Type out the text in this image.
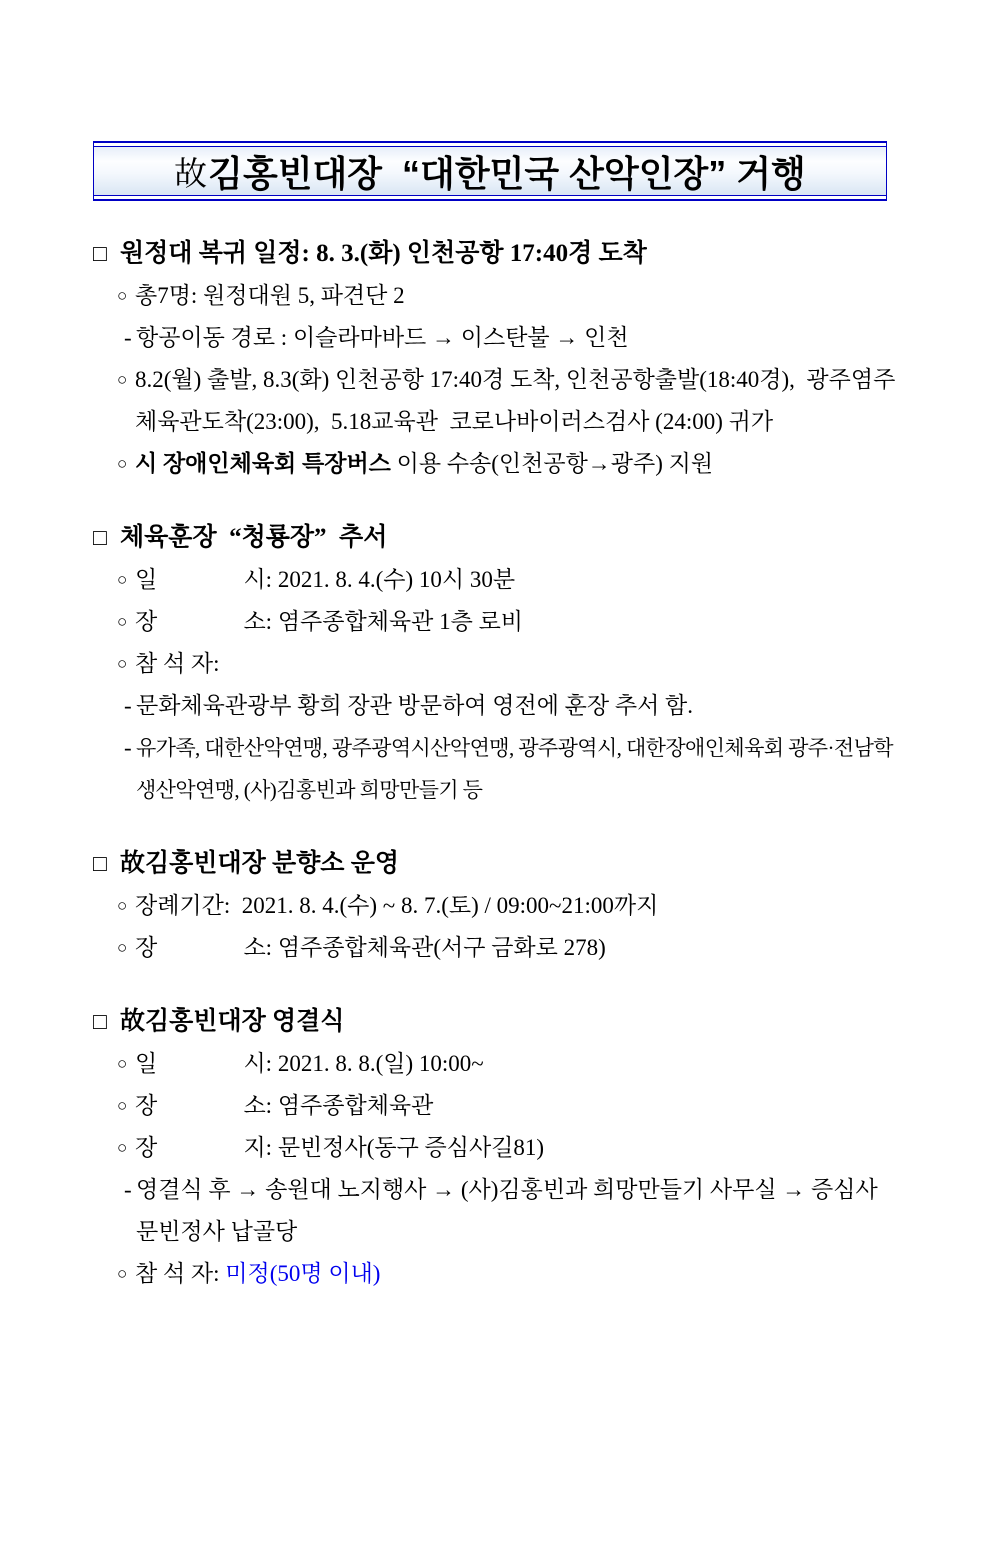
故 김홍빈대장  “대한민국 산악인장” 거행
□ 원정대 복귀 일정: 8. 3.(화) 인천공항 17:40경 도착
○ 총7명: 원정대원 5, 파견단 2
- 항공이동 경로 : 이슬라마바드 → 이스탄불 → 인천
○ 8.2(월) 출발, 8.3(화) 인천공항 17:40경 도착, 인천공항출발(18:40경),  광주염주체육관도착(23:00),  5.18교육관  코로나바이러스검사 (24:00) 귀가
○ 시 장애인체육회 특장버스 이용 수송(인천공항→광주) 지원
□ 체육훈장  “청룡장”  추서
○ 일               시: 2021. 8. 4.(수) 10시 30분
○ 장               소: 염주종합체육관 1층 로비
○ 참 석 자:
- 문화체육관광부 황희 장관 방문하여 영전에 훈장 추서 함.
- 유가족, 대한산악연맹, 광주광역시산악연맹, 광주광역시, 대한장애인체육회 광주·전남학생산악연맹, (사)김홍빈과 희망만들기 등
□ 故김홍빈대장 분향소 운영
○ 장례기간:  2021. 8. 4.(수) ~ 8. 7.(토) / 09:00~21:00까지
○ 장               소: 염주종합체육관(서구 금화로 278)
□ 故김홍빈대장 영결식
○ 일               시: 2021. 8. 8.(일) 10:00~
○ 장               소: 염주종합체육관
○ 장               지: 문빈정사(동구 증심사길81)
- 영결식 후 → 송원대 노지행사 → (사)김홍빈과 희망만들기 사무실 → 증심사 문빈정사 납골당
○ 참 석 자: 미정(50명 이내)
